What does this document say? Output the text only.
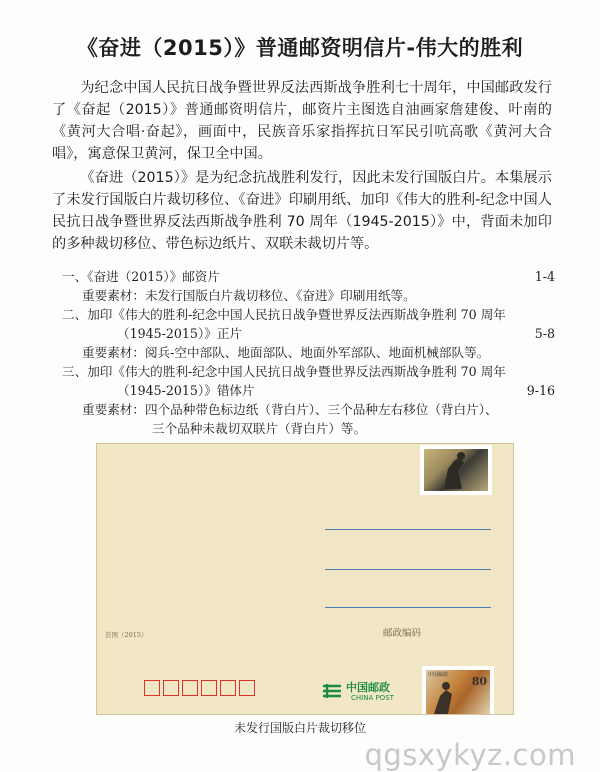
《奋进（2015）》普通邮资明信片-伟大的胜利
为纪念中国人民抗日战争暨世界反法西斯战争胜利七十周年，中国邮政发行了《奋起（2015）》普通邮资明信片，邮资片主图选自油画家詹建俊、叶南的《黄河大合唱·奋起》，画面中，民族音乐家指挥抗日军民引吭高歌《黄河大合唱》，寓意保卫黄河，保卫全中国。
《奋进（2015）》是为纪念抗战胜利发行，因此未发行国版白片。本集展示了未发行国版白片裁切移位、《奋进》印刷用纸、加印《伟大的胜利-纪念中国人民抗日战争暨世界反法西斯战争胜利 70 周年（1945-2015）》中，背面未加印的多种裁切移位、带色标边纸片、双联未裁切片等。
一、《奋进（2015）》邮资片	1-4
重要素材：未发行国版白片裁切移位、《奋进》印刷用纸等。
二、加印《伟大的胜利-纪念中国人民抗日战争暨世界反法西斯战争胜利 70 周年
（1945-2015）》正片	5-8
重要素材：阅兵-空中部队、地面部队、地面外军部队、地面机械部队等。
三、加印《伟大的胜利-纪念中国人民抗日战争暨世界反法西斯战争胜利 70 周年
（1945-2015）》错体片	9-16
重要素材：四个品种带色标边纸（背白片）、三个品种左右移位（背白片）、
三个品种未裁切双联片（背白片）等。
邮政编码
资图（2015）
中国邮政
CHINA POST
80
中国邮政
未发行国版白片裁切移位
qgsxykyz.com
